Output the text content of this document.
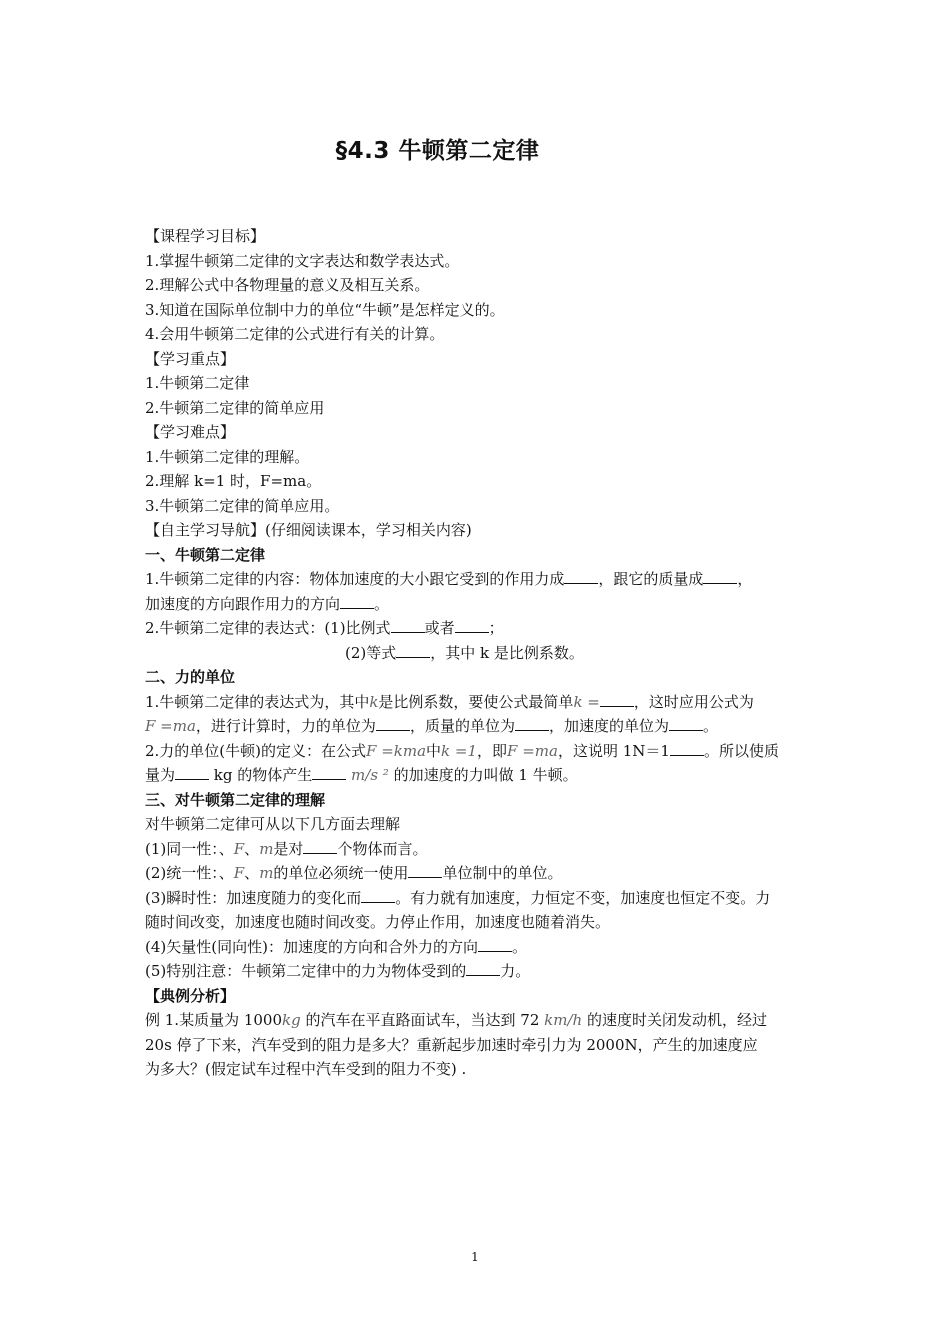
§4.3 牛顿第二定律
【课程学习目标】
1.掌握牛顿第二定律的文字表达和数学表达式。
2.理解公式中各物理量的意义及相互关系。
3.知道在国际单位制中力的单位“牛顿”是怎样定义的。
4.会用牛顿第二定律的公式进行有关的计算。
【学习重点】
1.牛顿第二定律
2.牛顿第二定律的简单应用
【学习难点】
1.牛顿第二定律的理解。
2.理解 k=1 时，F=ma。
3.牛顿第二定律的简单应用。
【自主学习导航】(仔细阅读课本，学习相关内容)
一、牛顿第二定律
1.牛顿第二定律的内容：物体加速度的大小跟它受到的作用力成 ，跟它的质量成 ，
加速度的方向跟作用力的方向 。
2.牛顿第二定律的表达式：(1)比例式 或者 ；
(2)等式 ，其中 k 是比例系数。
二、力的单位
1.牛顿第二定律的表达式为，其中k是比例系数，要使公式最简单k = ，这时应用公式为
F =ma，进行计算时，力的单位为 ，质量的单位为 ，加速度的单位为 。
2.力的单位(牛顿)的定义：在公式F =kma中k =1，即F =ma，这说明 1N＝1 。所以使质
量为	kg 的物体产生	m/s ² 的加速度的力叫做 1 牛顿。
三、对牛顿第二定律的理解
对牛顿第二定律可从以下几方面去理解
(1)同一性：、F、m是对 个物体而言。
(2)统一性：、F、m的单位必须统一使用 单位制中的单位。
(3)瞬时性：加速度随力的变化而 。有力就有加速度，力恒定不变，加速度也恒定不变。力
随时间改变，加速度也随时间改变。力停止作用，加速度也随着消失。
(4)矢量性(同向性)：加速度的方向和合外力的方向 。
(5)特别注意：牛顿第二定律中的力为物体受到的 力。
【典例分析】
例 1.某质量为 1000kg 的汽车在平直路面试车，当达到 72 km/h 的速度时关闭发动机，经过
20s 停了下来，汽车受到的阻力是多大？重新起步加速时牵引力为 2000N，产生的加速度应
为多大？(假定试车过程中汽车受到的阻力不变) .
1
